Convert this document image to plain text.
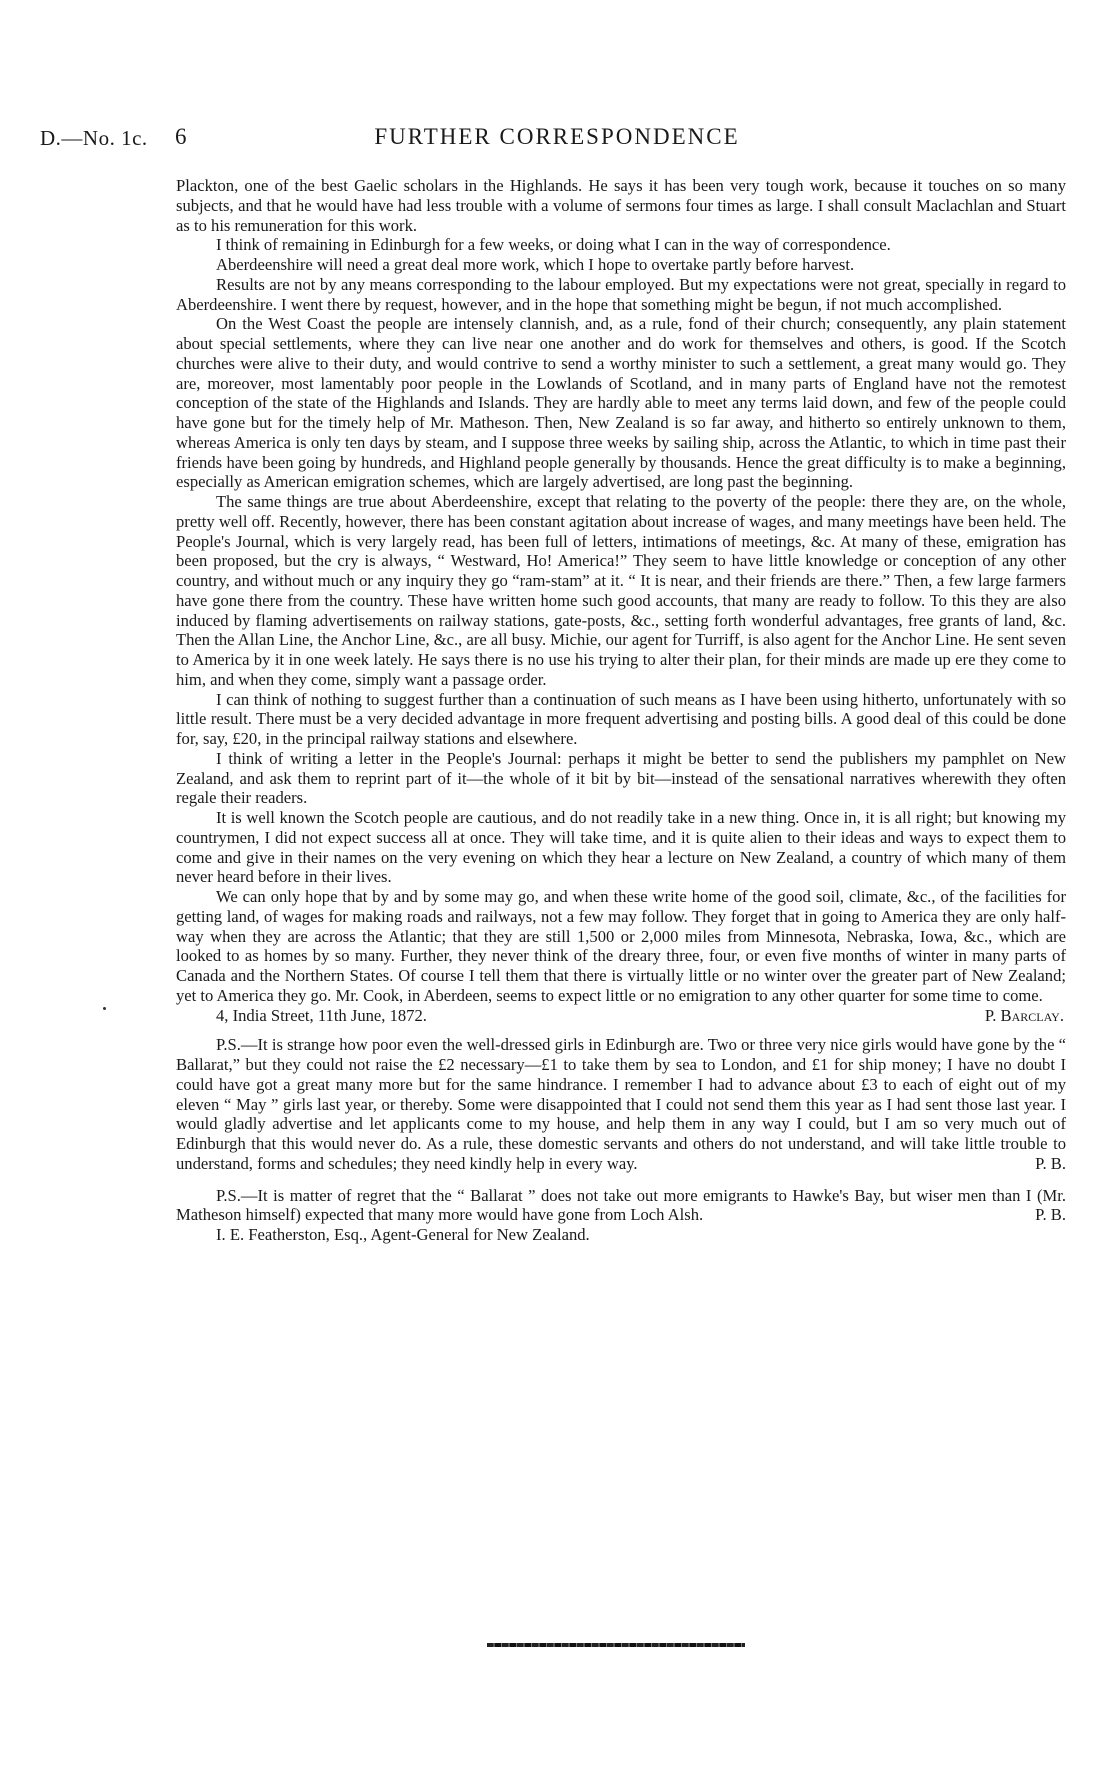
D.—No. 1c. 6	FURTHER CORRESPONDENCE

Plackton, one of the best Gaelic scholars in the Highlands. He says it has been very tough work, because it touches on so many subjects, and that he would have had less trouble with a volume of sermons four times as large. I shall consult Maclachlan and Stuart as to his remuneration for this work.

I think of remaining in Edinburgh for a few weeks, or doing what I can in the way of correspondence.

Aberdeenshire will need a great deal more work, which I hope to overtake partly before harvest.

Results are not by any means corresponding to the labour employed. But my expectations were not great, specially in regard to Aberdeenshire. I went there by request, however, and in the hope that something might be begun, if not much accomplished.

On the West Coast the people are intensely clannish, and, as a rule, fond of their church; consequently, any plain statement about special settlements, where they can live near one another and do work for themselves and others, is good. If the Scotch churches were alive to their duty, and would contrive to send a worthy minister to such a settlement, a great many would go. They are, moreover, most lamentably poor people in the Lowlands of Scotland, and in many parts of England have not the remotest conception of the state of the Highlands and Islands. They are hardly able to meet any terms laid down, and few of the people could have gone but for the timely help of Mr. Matheson. Then, New Zealand is so far away, and hitherto so entirely unknown to them, whereas America is only ten days by steam, and I suppose three weeks by sailing ship, across the Atlantic, to which in time past their friends have been going by hundreds, and Highland people generally by thousands. Hence the great difficulty is to make a beginning, especially as American emigration schemes, which are largely advertised, are long past the beginning.

The same things are true about Aberdeenshire, except that relating to the poverty of the people: there they are, on the whole, pretty well off. Recently, however, there has been constant agitation about increase of wages, and many meetings have been held. The People's Journal, which is very largely read, has been full of letters, intimations of meetings, &c. At many of these, emigration has been proposed, but the cry is always, “ Westward, Ho! America!” They seem to have little knowledge or conception of any other country, and without much or any inquiry they go “ram-stam” at it. “ It is near, and their friends are there.” Then, a few large farmers have gone there from the country. These have written home such good accounts, that many are ready to follow. To this they are also induced by flaming advertisements on railway stations, gate-posts, &c., setting forth wonderful advantages, free grants of land, &c. Then the Allan Line, the Anchor Line, &c., are all busy. Michie, our agent for Turriff, is also agent for the Anchor Line. He sent seven to America by it in one week lately. He says there is no use his trying to alter their plan, for their minds are made up ere they come to him, and when they come, simply want a passage order.

I can think of nothing to suggest further than a continuation of such means as I have been using hitherto, unfortunately with so little result. There must be a very decided advantage in more frequent advertising and posting bills. A good deal of this could be done for, say, £20, in the principal railway stations and elsewhere.

I think of writing a letter in the People's Journal: perhaps it might be better to send the publishers my pamphlet on New Zealand, and ask them to reprint part of it—the whole of it bit by bit—instead of the sensational narratives wherewith they often regale their readers.

It is well known the Scotch people are cautious, and do not readily take in a new thing. Once in, it is all right; but knowing my countrymen, I did not expect success all at once. They will take time, and it is quite alien to their ideas and ways to expect them to come and give in their names on the very evening on which they hear a lecture on New Zealand, a country of which many of them never heard before in their lives.

We can only hope that by and by some may go, and when these write home of the good soil, climate, &c., of the facilities for getting land, of wages for making roads and railways, not a few may follow. They forget that in going to America they are only half-way when they are across the Atlantic; that they are still 1,500 or 2,000 miles from Minnesota, Nebraska, Iowa, &c., which are looked to as homes by so many. Further, they never think of the dreary three, four, or even five months of winter in many parts of Canada and the Northern States. Of course I tell them that there is virtually little or no winter over the greater part of New Zealand; yet to America they go. Mr. Cook, in Aberdeen, seems to expect little or no emigration to any other quarter for some time to come.

4, India Street, 11th June, 1872.	P. Barclay.

P.S.—It is strange how poor even the well-dressed girls in Edinburgh are. Two or three very nice girls would have gone by the “ Ballarat,” but they could not raise the £2 necessary—£1 to take them by sea to London, and £1 for ship money; I have no doubt I could have got a great many more but for the same hindrance. I remember I had to advance about £3 to each of eight out of my eleven “ May ” girls last year, or thereby. Some were disappointed that I could not send them this year as I had sent those last year. I would gladly advertise and let applicants come to my house, and help them in any way I could, but I am so very much out of Edinburgh that this would never do. As a rule, these domestic servants and others do not understand, and will take little trouble to understand, forms and schedules; they need kindly help in every way.	P. B.

P.S.—It is matter of regret that the “ Ballarat ” does not take out more emigrants to Hawke's Bay, but wiser men than I (Mr. Matheson himself) expected that many more would have gone from Loch Alsh.	P. B.

I. E. Featherston, Esq., Agent-General for New Zealand.
